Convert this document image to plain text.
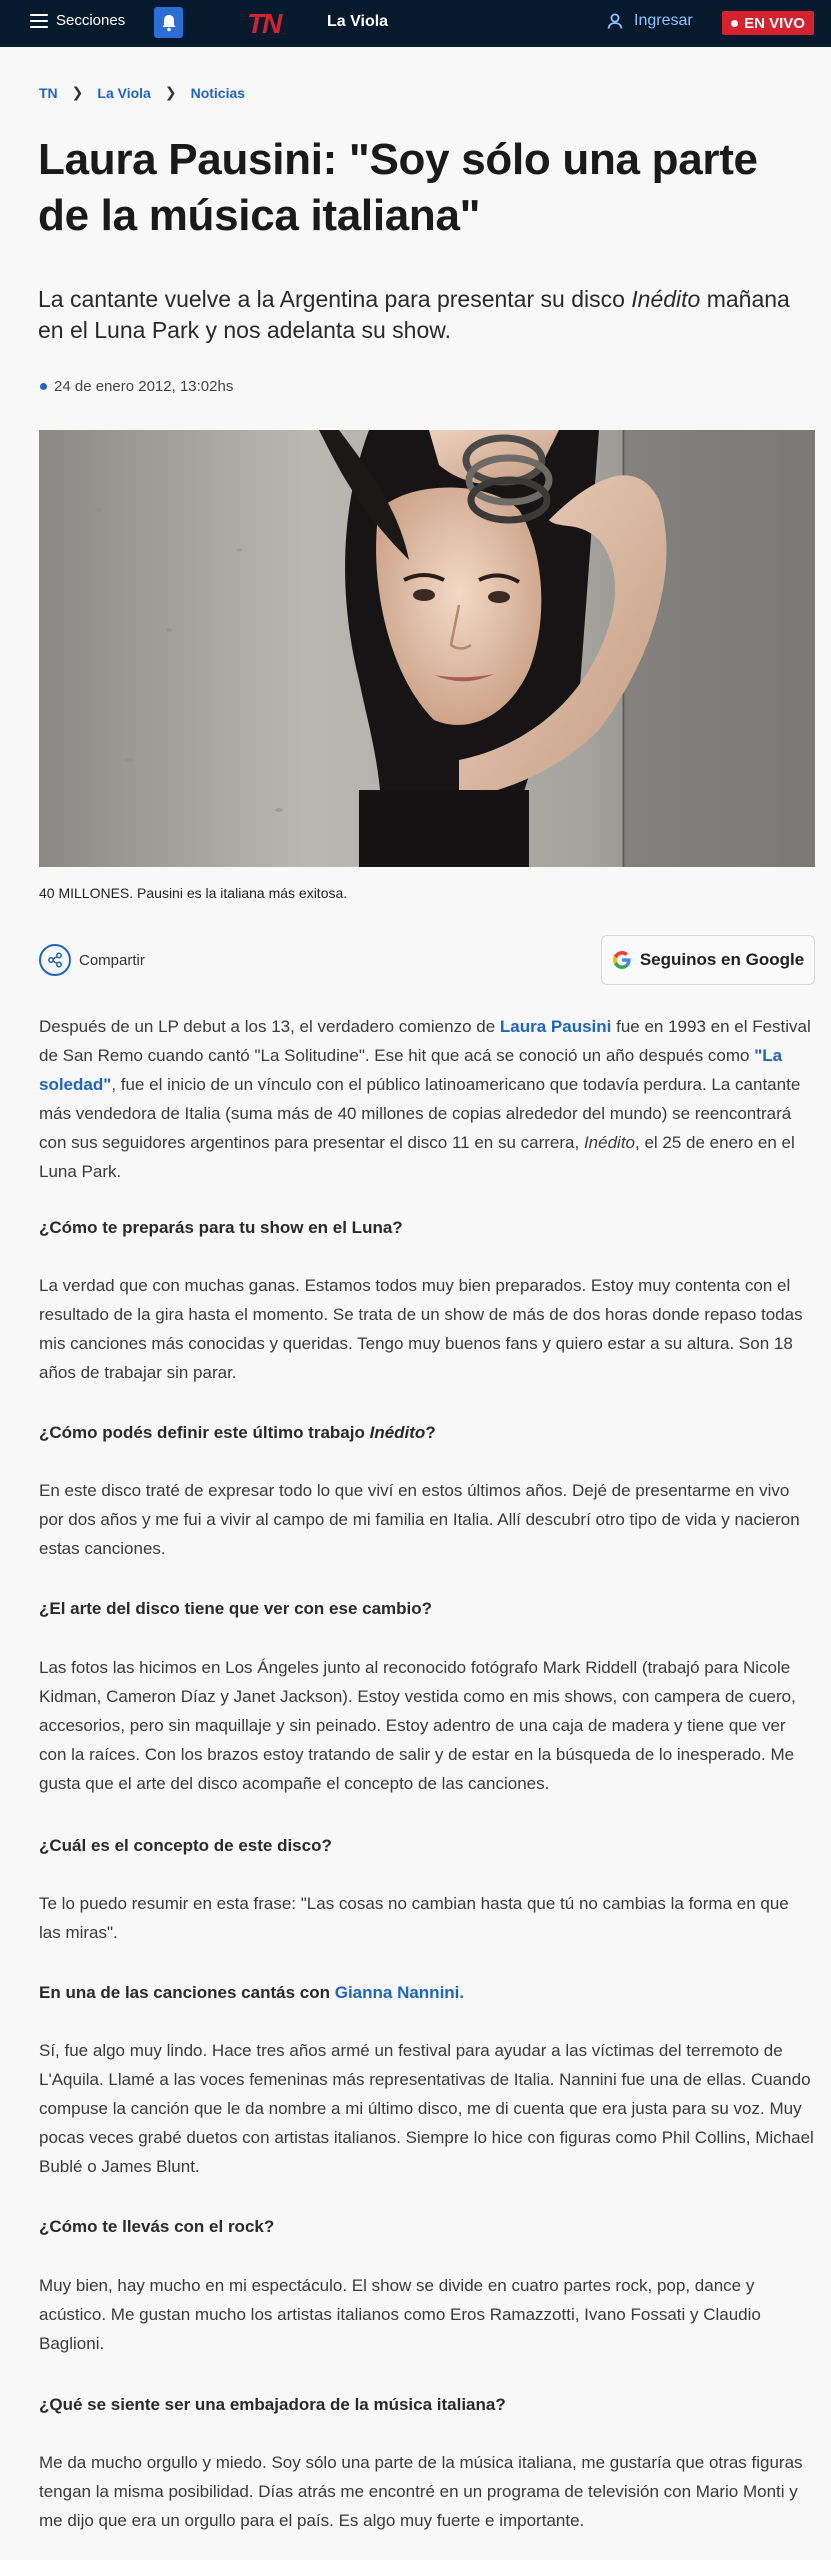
Secciones	TN	La Viola	Ingresar	EN VIVO
TN ❯ La Viola ❯ Noticias
Laura Pausini: "Soy sólo una parte de la música italiana"

La cantante vuelve a la Argentina para presentar su disco Inédito mañana en el Luna Park y nos adelanta su show.

24 de enero 2012, 13:02hs

40 MILLONES. Pausini es la italiana más exitosa.

Compartir	Seguinos en Google

Después de un LP debut a los 13, el verdadero comienzo de Laura Pausini fue en 1993 en el Festival de San Remo cuando cantó "La Solitudine". Ese hit que acá se conoció un año después como "La soledad", fue el inicio de un vínculo con el público latinoamericano que todavía perdura. La cantante más vendedora de Italia (suma más de 40 millones de copias alrededor del mundo) se reencontrará con sus seguidores argentinos para presentar el disco 11 en su carrera, Inédito, el 25 de enero en el Luna Park.

¿Cómo te preparás para tu show en el Luna?

La verdad que con muchas ganas. Estamos todos muy bien preparados. Estoy muy contenta con el resultado de la gira hasta el momento. Se trata de un show de más de dos horas donde repaso todas mis canciones más conocidas y queridas. Tengo muy buenos fans y quiero estar a su altura. Son 18 años de trabajar sin parar.

¿Cómo podés definir este último trabajo Inédito?

En este disco traté de expresar todo lo que viví en estos últimos años. Dejé de presentarme en vivo por dos años y me fui a vivir al campo de mi familia en Italia. Allí descubrí otro tipo de vida y nacieron estas canciones.

¿El arte del disco tiene que ver con ese cambio?

Las fotos las hicimos en Los Ángeles junto al reconocido fotógrafo Mark Riddell (trabajó para Nicole Kidman, Cameron Díaz y Janet Jackson). Estoy vestida como en mis shows, con campera de cuero, accesorios, pero sin maquillaje y sin peinado. Estoy adentro de una caja de madera y tiene que ver con la raíces. Con los brazos estoy tratando de salir y de estar en la búsqueda de lo inesperado. Me gusta que el arte del disco acompañe el concepto de las canciones.

¿Cuál es el concepto de este disco?

Te lo puedo resumir en esta frase: "Las cosas no cambian hasta que tú no cambias la forma en que las miras".

En una de las canciones cantás con Gianna Nannini.

Sí, fue algo muy lindo. Hace tres años armé un festival para ayudar a las víctimas del terremoto de L'Aquila. Llamé a las voces femeninas más representativas de Italia. Nannini fue una de ellas. Cuando compuse la canción que le da nombre a mi último disco, me di cuenta que era justa para su voz. Muy pocas veces grabé duetos con artistas italianos. Siempre lo hice con figuras como Phil Collins, Michael Bublé o James Blunt.

¿Cómo te llevás con el rock?

Muy bien, hay mucho en mi espectáculo. El show se divide en cuatro partes rock, pop, dance y acústico. Me gustan mucho los artistas italianos como Eros Ramazzotti, Ivano Fossati y Claudio Baglioni.

¿Qué se siente ser una embajadora de la música italiana?

Me da mucho orgullo y miedo. Soy sólo una parte de la música italiana, me gustaría que otras figuras tengan la misma posibilidad. Días atrás me encontré en un programa de televisión con Mario Monti y me dijo que era un orgullo para el país. Es algo muy fuerte e importante.
